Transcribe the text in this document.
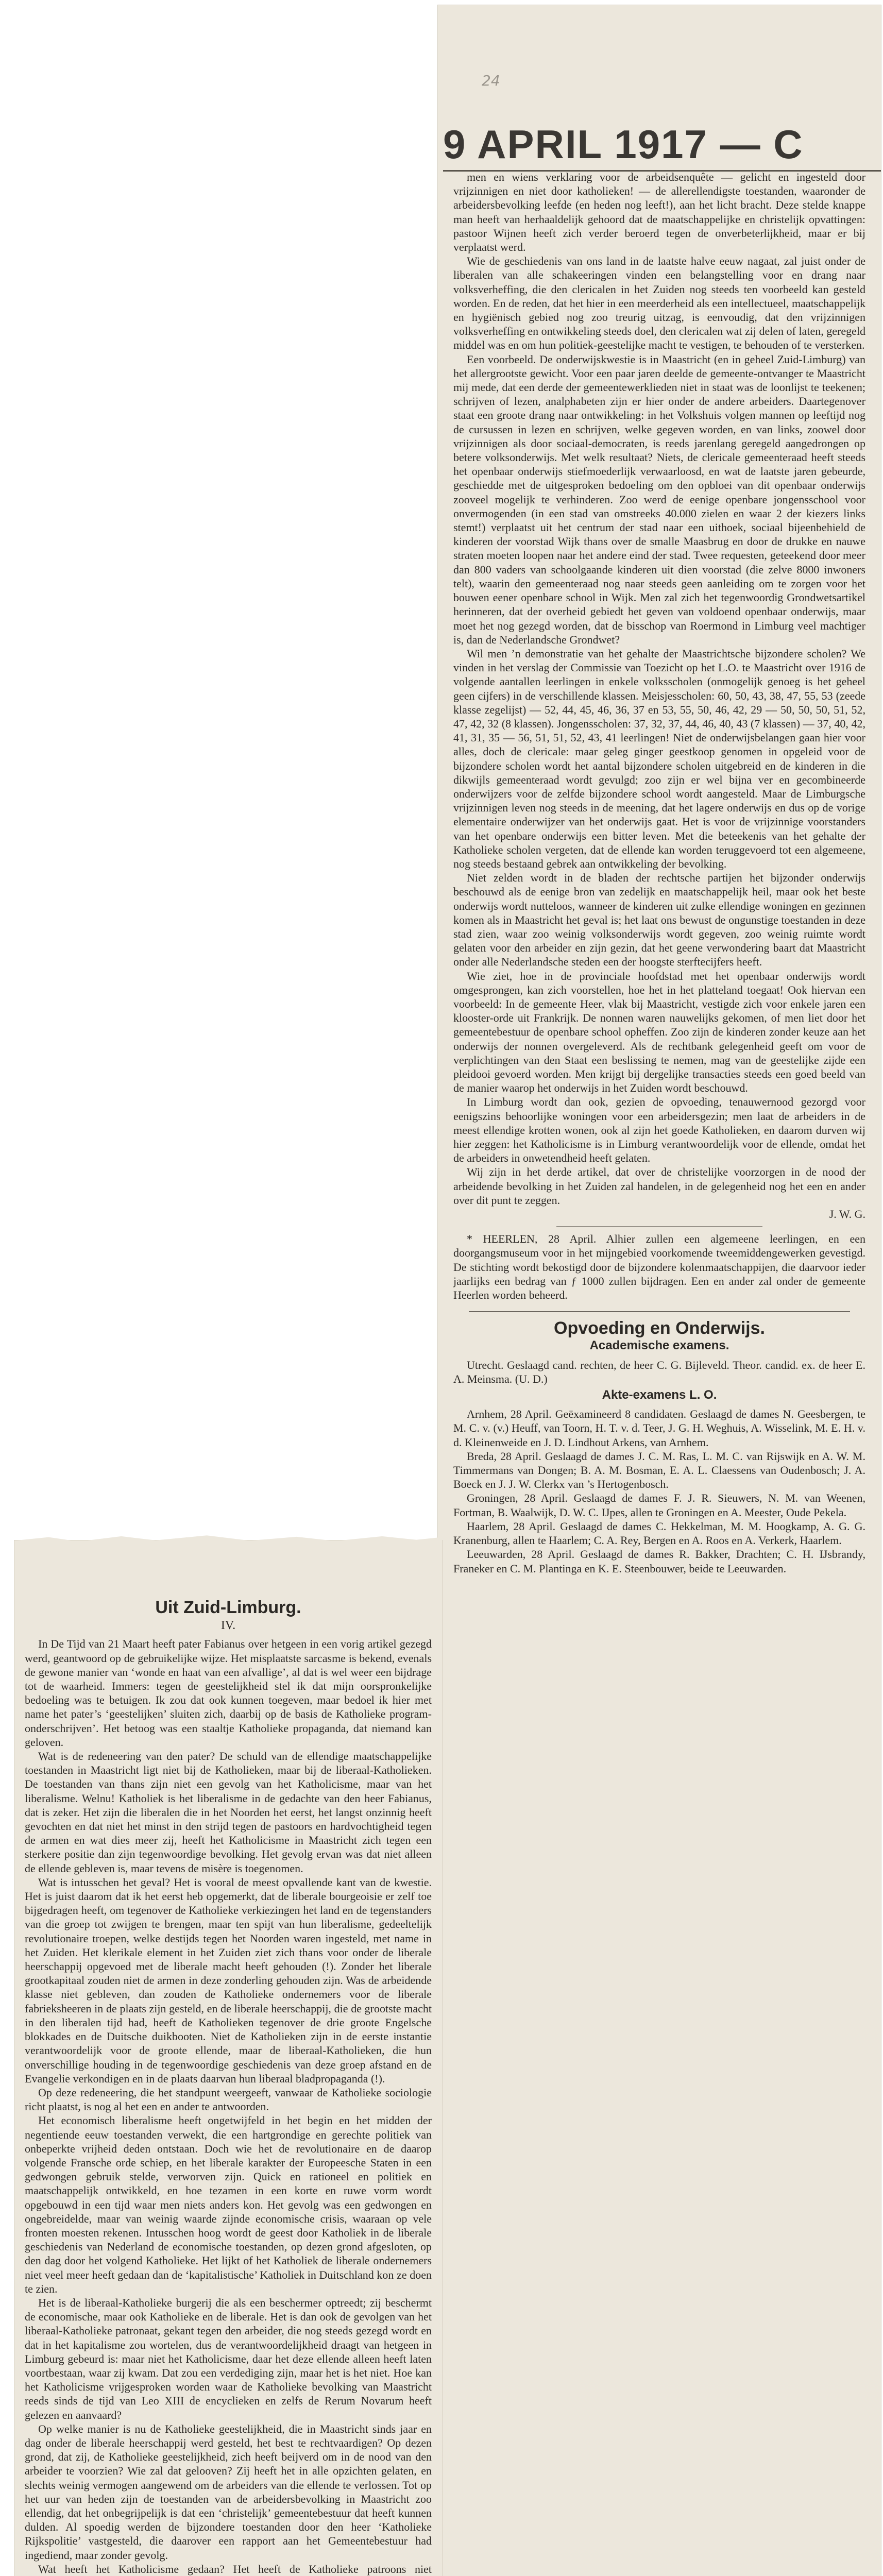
24
9 APRIL 1917 — C
Uit Zuid-Limburg.
IV.

In De Tijd van 21 Maart heeft pater Fabianus over hetgeen in een vorig artikel gezegd werd, geantwoord op de gebruikelijke wijze. Het misplaatste sarcasme is bekend, evenals de gewone manier van ‘wonde en haat van een afvallige’, al dat is wel weer een bijdrage tot de waarheid. Immers: tegen de geestelijkheid stel ik dat mijn oorspronkelijke bedoeling was te betuigen. Ik zou dat ook kunnen toegeven, maar bedoel ik hier met name het pater’s ‘geestelijken’ sluiten zich, daarbij op de basis de Katholieke program-onderschrijven’. Het betoog was een staaltje Katholieke propaganda, dat niemand kan geloven.

Wat is de redeneering van den pater? De schuld van de ellendige maatschappelijke toestanden in Maastricht ligt niet bij de Katholieken, maar bij de liberaal-Katholieken. De toestanden van thans zijn niet een gevolg van het Katholicisme, maar van het liberalisme. Welnu! Katholiek is het liberalisme in de gedachte van den heer Fabianus, dat is zeker. Het zijn die liberalen die in het Noorden het eerst, het langst onzinnig heeft gevochten en dat niet het minst in den strijd tegen de pastoors en hardvochtigheid tegen de armen en wat dies meer zij, heeft het Katholicisme in Maastricht zich tegen een sterkere positie dan zijn tegenwoordige bevolking. Het gevolg ervan was dat niet alleen de ellende gebleven is, maar tevens de misère is toegenomen.

Wat is intusschen het geval? Het is vooral de meest opvallende kant van de kwestie. Het is juist daarom dat ik het eerst heb opgemerkt, dat de liberale bourgeoisie er zelf toe bijgedragen heeft, om tegenover de Katholieke verkiezingen het land en de tegenstanders van die groep tot zwijgen te brengen, maar ten spijt van hun liberalisme, gedeeltelijk revolutionaire troepen, welke destijds tegen het Noorden waren ingesteld, met name in het Zuiden. Het klerikale element in het Zuiden ziet zich thans voor onder de liberale heerschappij opgevoed met de liberale macht heeft gehouden (!). Zonder het liberale grootkapitaal zouden niet de armen in deze zonderling gehouden zijn. Was de arbeidende klasse niet gebleven, dan zouden de Katholieke ondernemers voor de liberale fabrieksheeren in de plaats zijn gesteld, en de liberale heerschappij, die de grootste macht in den liberalen tijd had, heeft de Katholieken tegenover de drie groote Engelsche blokkades en de Duitsche duikbooten. Niet de Katholieken zijn in de eerste instantie verantwoordelijk voor de groote ellende, maar de liberaal-Katholieken, die hun onverschillige houding in de tegenwoordige geschiedenis van deze groep afstand en de Evangelie verkondigen en in de plaats daarvan hun liberaal bladpropaganda (!).

Op deze redeneering, die het standpunt weergeeft, vanwaar de Katholieke sociologie richt plaatst, is nog al het een en ander te antwoorden.

Het economisch liberalisme heeft ongetwijfeld in het begin en het midden der negentiende eeuw toestanden verwekt, die een hartgrondige en gerechte politiek van onbeperkte vrijheid deden ontstaan. Doch wie het de revolutionaire en de daarop volgende Fransche orde schiep, en het liberale karakter der Europeesche Staten in een gedwongen gebruik stelde, verworven zijn. Quick en rationeel en politiek en maatschappelijk ontwikkeld, en hoe tezamen in een korte en ruwe vorm wordt opgebouwd in een tijd waar men niets anders kon. Het gevolg was een gedwongen en ongebreidelde, maar van weinig waarde zijnde economische crisis, waaraan op vele fronten moesten rekenen. Intusschen hoog wordt de geest door Katholiek in de liberale geschiedenis van Nederland de economische toestanden, op dezen grond afgesloten, op den dag door het volgend Katholieke. Het lijkt of het Katholiek de liberale ondernemers niet veel meer heeft gedaan dan de ‘kapitalistische’ Katholiek in Duitschland kon ze doen te zien.

Het is de liberaal-Katholieke burgerij die als een beschermer optreedt; zij beschermt de economische, maar ook Katholieke en de liberale. Het is dan ook de gevolgen van het liberaal-Katholieke patronaat, gekant tegen den arbeider, die nog steeds gezegd wordt en dat in het kapitalisme zou wortelen, dus de verantwoordelijkheid draagt van hetgeen in Limburg gebeurd is: maar niet het Katholicisme, daar het deze ellende alleen heeft laten voortbestaan, waar zij kwam. Dat zou een verdediging zijn, maar het is het niet. Hoe kan het Katholicisme vrijgesproken worden waar de Katholieke bevolking van Maastricht reeds sinds de tijd van Leo XIII de encyclieken en zelfs de Rerum Novarum heeft gelezen en aanvaard?

Op welke manier is nu de Katholieke geestelijkheid, die in Maastricht sinds jaar en dag onder de liberale heerschappij werd gesteld, het best te rechtvaardigen? Op dezen grond, dat zij, de Katholieke geestelijkheid, zich heeft beijverd om in de nood van den arbeider te voorzien? Wie zal dat gelooven? Zij heeft het in alle opzichten gelaten, en slechts weinig vermogen aangewend om de arbeiders van die ellende te verlossen. Tot op het uur van heden zijn de toestanden van de arbeidersbevolking in Maastricht zoo ellendig, dat het onbegrijpelijk is dat een ‘christelijk’ gemeentebestuur dat heeft kunnen dulden. Al spoedig werden de bijzondere toestanden door den heer ‘Katholieke Rijkspolitie’ vastgesteld, die daarover een rapport aan het Gemeentebestuur had ingediend, maar zonder gevolg.

Wat heeft het Katholicisme gedaan? Het heeft de Katholieke patroons niet

men en wiens verklaring voor de arbeidsenquête — gelicht en ingesteld door vrijzinnigen en niet door katholieken! — de allerellendigste toestanden, waaronder de arbeidersbevolking leefde (en heden nog leeft!), aan het licht bracht. Deze stelde knappe man heeft van herhaaldelijk gehoord dat de maatschappelijke en christelijk opvattingen: pastoor Wijnen heeft zich verder beroerd tegen de onverbeterlijkheid, maar er bij verplaatst werd.

Wie de geschiedenis van ons land in de laatste halve eeuw nagaat, zal juist onder de liberalen van alle schakeeringen vinden een belangstelling voor en drang naar volksverheffing, die den clericalen in het Zuiden nog steeds ten voorbeeld kan gesteld worden. En de reden, dat het hier in een meerderheid als een intellectueel, maatschappelijk en hygiënisch gebied nog zoo treurig uitzag, is eenvoudig, dat den vrijzinnigen volksverheffing en ontwikkeling steeds doel, den clericalen wat zij delen of laten, geregeld middel was en om hun politiek-geestelijke macht te vestigen, te behouden of te versterken.

Een voorbeeld. De onderwijskwestie is in Maastricht (en in geheel Zuid-Limburg) van het allergrootste gewicht. Voor een paar jaren deelde de gemeente-ontvanger te Maastricht mij mede, dat een derde der gemeentewerklieden niet in staat was de loonlijst te teekenen; schrijven of lezen, analphabeten zijn er hier onder de andere arbeiders. Daartegenover staat een groote drang naar ontwikkeling: in het Volkshuis volgen mannen op leeftijd nog de cursussen in lezen en schrijven, welke gegeven worden, en van links, zoowel door vrijzinnigen als door sociaal-democraten, is reeds jarenlang geregeld aangedrongen op betere volksonderwijs. Met welk resultaat? Niets, de clericale gemeenteraad heeft steeds het openbaar onderwijs stiefmoederlijk verwaarloosd, en wat de laatste jaren gebeurde, geschiedde met de uitgesproken bedoeling om den opbloei van dit openbaar onderwijs zooveel mogelijk te verhinderen. Zoo werd de eenige openbare jongensschool voor onvermogenden (in een stad van omstreeks 40.000 zielen en waar 2 der kiezers links stemt!) verplaatst uit het centrum der stad naar een uithoek, sociaal bijeenbehield de kinderen der voorstad Wijk thans over de smalle Maasbrug en door de drukke en nauwe straten moeten loopen naar het andere eind der stad. Twee requesten, geteekend door meer dan 800 vaders van schoolgaande kinderen uit dien voorstad (die zelve 8000 inwoners telt), waarin den gemeenteraad nog naar steeds geen aanleiding om te zorgen voor het bouwen eener openbare school in Wijk. Men zal zich het tegenwoordig Grondwetsartikel herinneren, dat der overheid gebiedt het geven van voldoend openbaar onderwijs, maar moet het nog gezegd worden, dat de bisschop van Roermond in Limburg veel machtiger is, dan de Nederlandsche Grondwet?

Wil men ’n demonstratie van het gehalte der Maastrichtsche bijzondere scholen? We vinden in het verslag der Commissie van Toezicht op het L.O. te Maastricht over 1916 de volgende aantallen leerlingen in enkele volksscholen (onmogelijk genoeg is het geheel geen cijfers) in de verschillende klassen. Meisjesscholen: 60, 50, 43, 38, 47, 55, 53 (zeede klasse zegelijst) — 52, 44, 45, 46, 36, 37 en 53, 55, 50, 46, 42, 29 — 50, 50, 50, 51, 52, 47, 42, 32 (8 klassen). Jongensscholen: 37, 32, 37, 44, 46, 40, 43 (7 klassen) — 37, 40, 42, 41, 31, 35 — 56, 51, 51, 52, 43, 41 leerlingen! Niet de onderwijsbelangen gaan hier voor alles, doch de clericale: maar geleg ginger geestkoop genomen in opgeleid voor de bijzondere scholen wordt het aantal bijzondere scholen uitgebreid en de kinderen in die dikwijls gemeenteraad wordt gevulgd; zoo zijn er wel bijna ver en gecombineerde onderwijzers voor de zelfde bijzondere school wordt aangesteld. Maar de Limburgsche vrijzinnigen leven nog steeds in de meening, dat het lagere onderwijs en dus op de vorige elementaire onderwijzer van het onderwijs gaat. Het is voor de vrijzinnige voorstanders van het openbare onderwijs een bitter leven. Met die beteekenis van het gehalte der Katholieke scholen vergeten, dat de ellende kan worden teruggevoerd tot een algemeene, nog steeds bestaand gebrek aan ontwikkeling der bevolking.

Niet zelden wordt in de bladen der rechtsche partijen het bijzonder onderwijs beschouwd als de eenige bron van zedelijk en maatschappelijk heil, maar ook het beste onderwijs wordt nutteloos, wanneer de kinderen uit zulke ellendige woningen en gezinnen komen als in Maastricht het geval is; het laat ons bewust de ongunstige toestanden in deze stad zien, waar zoo weinig volksonderwijs wordt gegeven, zoo weinig ruimte wordt gelaten voor den arbeider en zijn gezin, dat het geene verwondering baart dat Maastricht onder alle Nederlandsche steden een der hoogste sterftecijfers heeft.

Wie ziet, hoe in de provinciale hoofdstad met het openbaar onderwijs wordt omgesprongen, kan zich voorstellen, hoe het in het platteland toegaat! Ook hiervan een voorbeeld: In de gemeente Heer, vlak bij Maastricht, vestigde zich voor enkele jaren een klooster-orde uit Frankrijk. De nonnen waren nauwelijks gekomen, of men liet door het gemeentebestuur de openbare school opheffen. Zoo zijn de kinderen zonder keuze aan het onderwijs der nonnen overgeleverd. Als de rechtbank gelegenheid geeft om voor de verplichtingen van den Staat een beslissing te nemen, mag van de geestelijke zijde een pleidooi gevoerd worden. Men krijgt bij dergelijke transacties steeds een goed beeld van de manier waarop het onderwijs in het Zuiden wordt beschouwd.

In Limburg wordt dan ook, gezien de opvoeding, tenauwernood gezorgd voor eenigszins behoorlijke woningen voor een arbeidersgezin; men laat de arbeiders in de meest ellendige krotten wonen, ook al zijn het goede Katholieken, en daarom durven wij hier zeggen: het Katholicisme is in Limburg verantwoordelijk voor de ellende, omdat het de arbeiders in onwetendheid heeft gelaten.

Wij zijn in het derde artikel, dat over de christelijke voorzorgen in de nood der arbeidende bevolking in het Zuiden zal handelen, in de gelegenheid nog het een en ander over dit punt te zeggen.

J. W. G.

* HEERLEN, 28 April. Alhier zullen een algemeene leerlingen, en een doorgangsmuseum voor in het mijngebied voorkomende tweemiddengewerken gevestigd. De stichting wordt bekostigd door de bijzondere kolenmaatschappijen, die daarvoor ieder jaarlijks een bedrag van ƒ 1000 zullen bijdragen. Een en ander zal onder de gemeente Heerlen worden beheerd.

Opvoeding en Onderwijs.
Academische examens.

Utrecht. Geslaagd cand. rechten, de heer C. G. Bijleveld. Theor. candid. ex. de heer E. A. Meinsma. (U. D.)

Akte-examens L. O.

Arnhem, 28 April. Geëxamineerd 8 candidaten. Geslaagd de dames N. Geesbergen, te M. C. v. (v.) Heuff, van Toorn, H. T. v. d. Teer, J. G. H. Weghuis, A. Wisselink, M. E. H. v. d. Kleinenweide en J. D. Lindhout Arkens, van Arnhem.

Breda, 28 April. Geslaagd de dames J. C. M. Ras, L. M. C. van Rijswijk en A. W. M. Timmermans van Dongen; B. A. M. Bosman, E. A. L. Claessens van Oudenbosch; J. A. Boeck en J. J. W. Clerkx van ’s Hertogenbosch.

Groningen, 28 April. Geslaagd de dames F. J. R. Sieuwers, N. M. van Weenen, Fortman, B. Waalwijk, D. W. C. IJpes, allen te Groningen en A. Meester, Oude Pekela.

Haarlem, 28 April. Geslaagd de dames C. Hekkelman, M. M. Hoogkamp, A. G. G. Kranenburg, allen te Haarlem; C. A. Rey, Bergen en A. Roos en A. Verkerk, Haarlem.

Leeuwarden, 28 April. Geslaagd de dames R. Bakker, Drachten; C. H. IJsbrandy, Franeker en C. M. Plantinga en K. E. Steenbouwer, beide te Leeuwarden.
